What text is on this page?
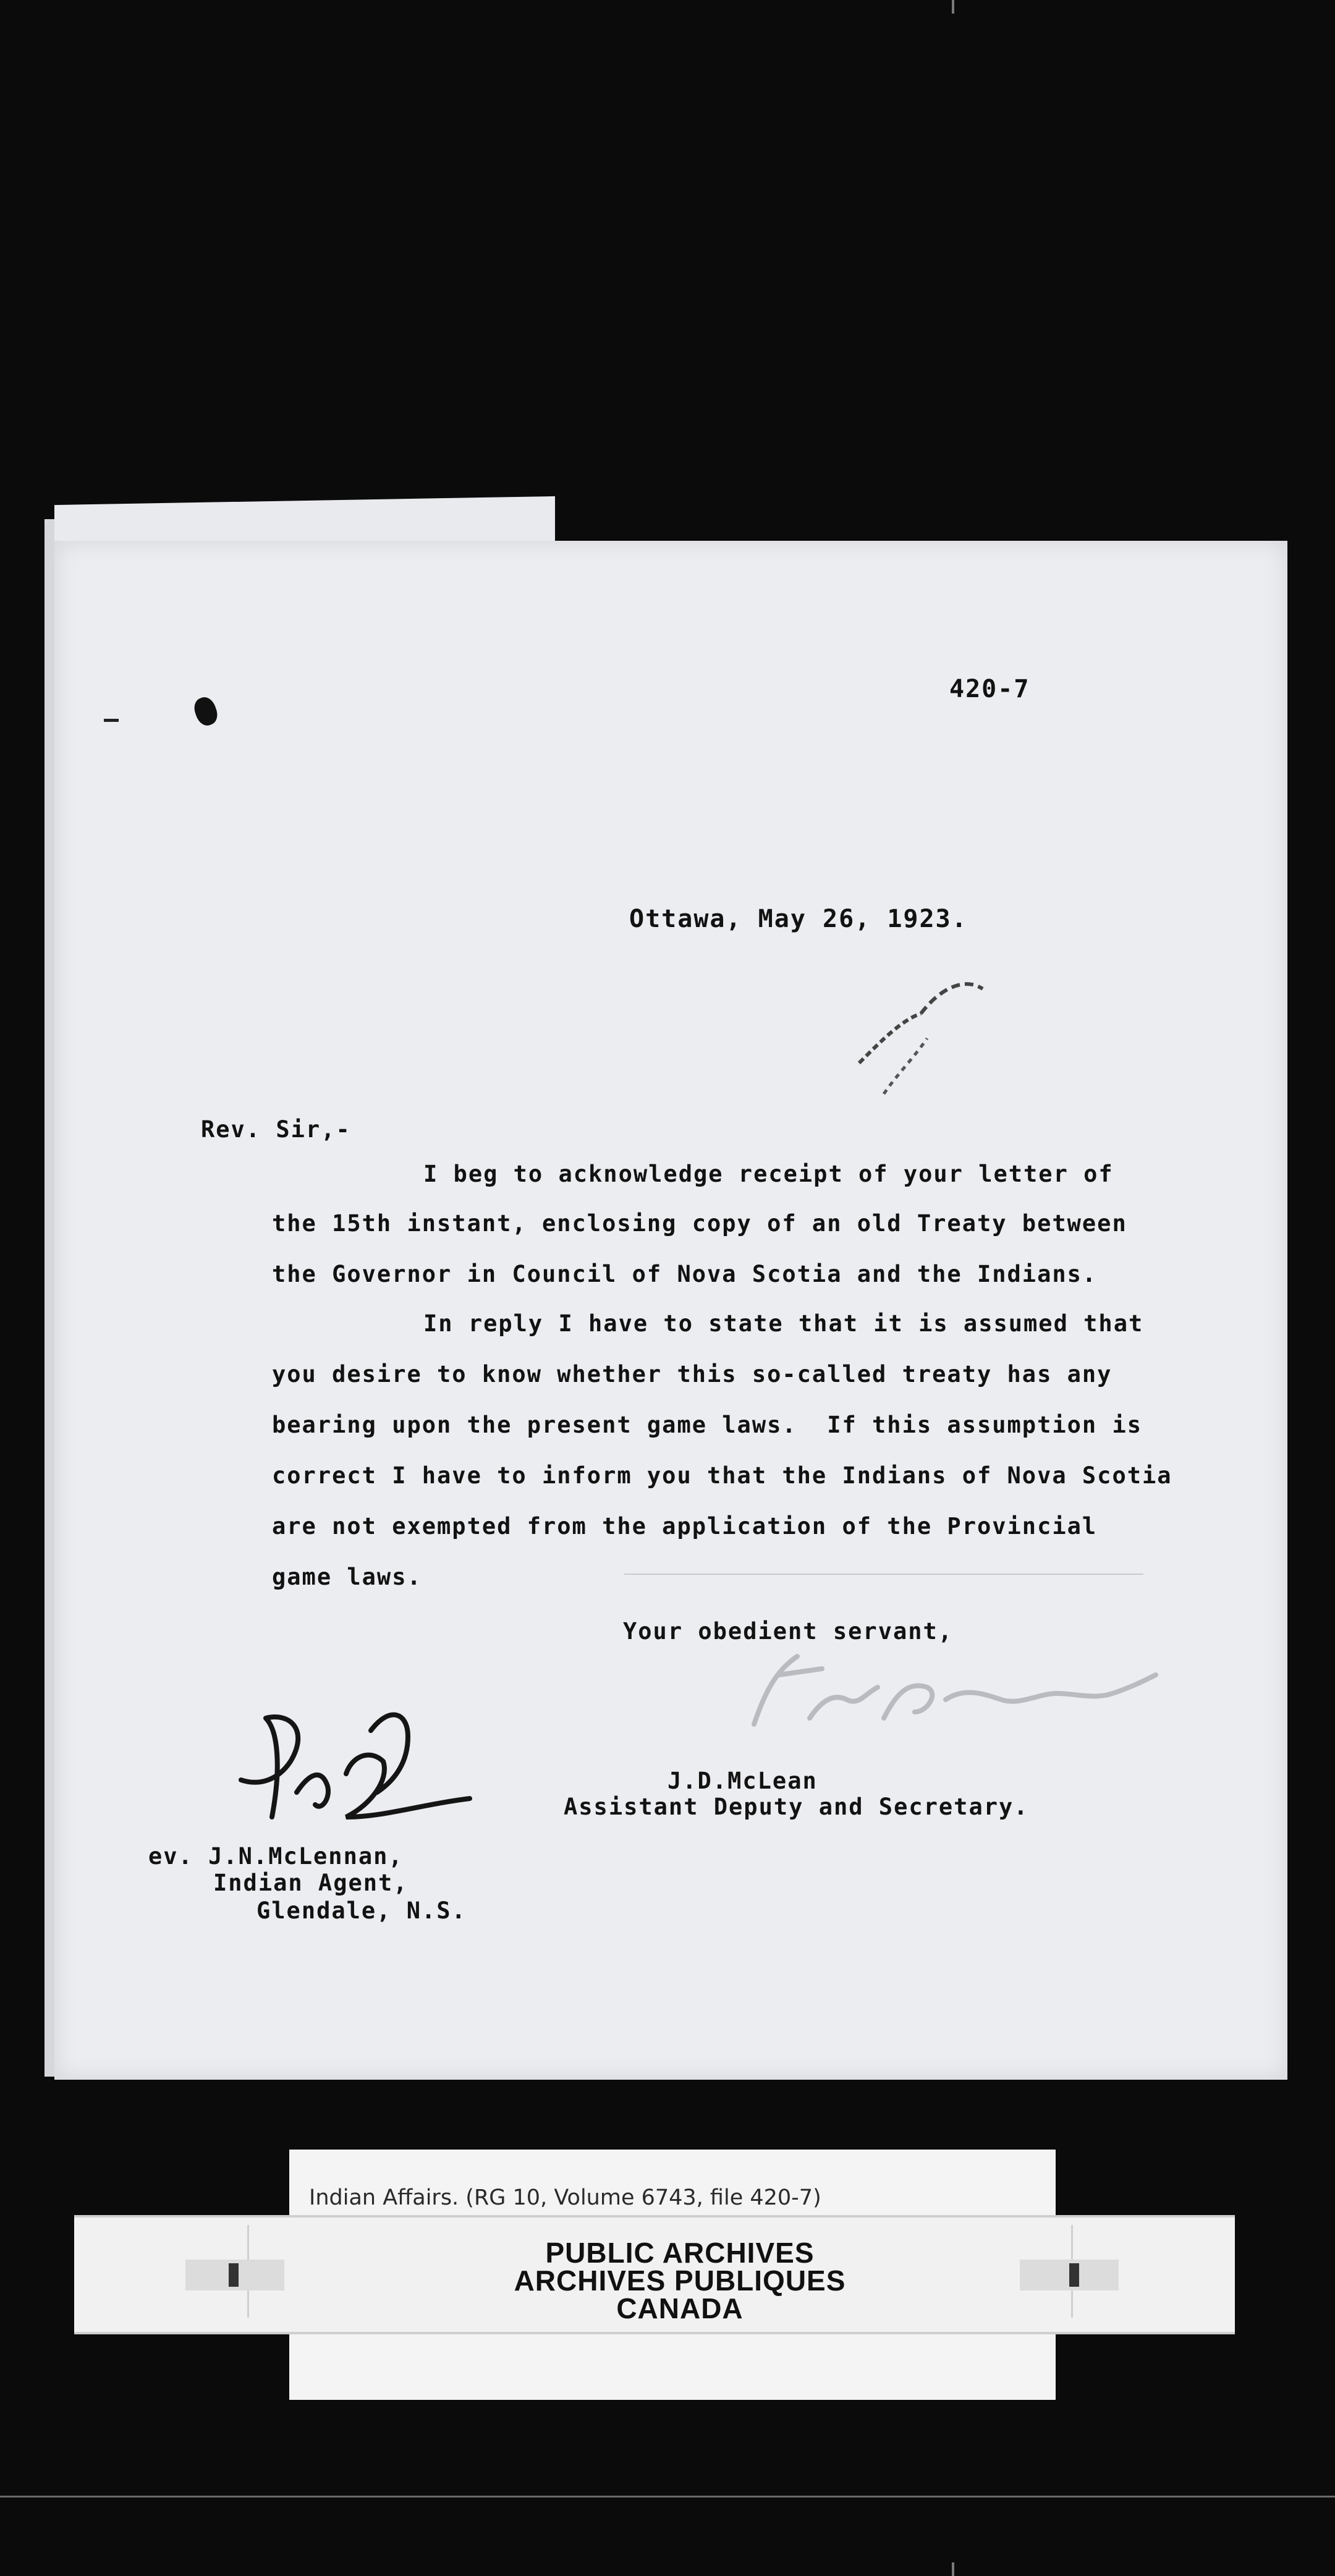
420-7
Ottawa, May 26, 1923.
Rev. Sir,-
I beg to acknowledge receipt of your letter of
the 15th instant, enclosing copy of an old Treaty between
the Governor in Council of Nova Scotia and the Indians.
In reply I have to state that it is assumed that
you desire to know whether this so-called treaty has any
bearing upon the present game laws.  If this assumption is
correct I have to inform you that the Indians of Nova Scotia
are not exempted from the application of the Provincial
game laws.
Your obedient servant,
J.D.McLean
Assistant Deputy and Secretary.
ev. J.N.McLennan,
Indian Agent,
Glendale, N.S.
Indian Affairs. (RG 10, Volume 6743, file 420-7)
PUBLIC ARCHIVES
ARCHIVES PUBLIQUES
CANADA
